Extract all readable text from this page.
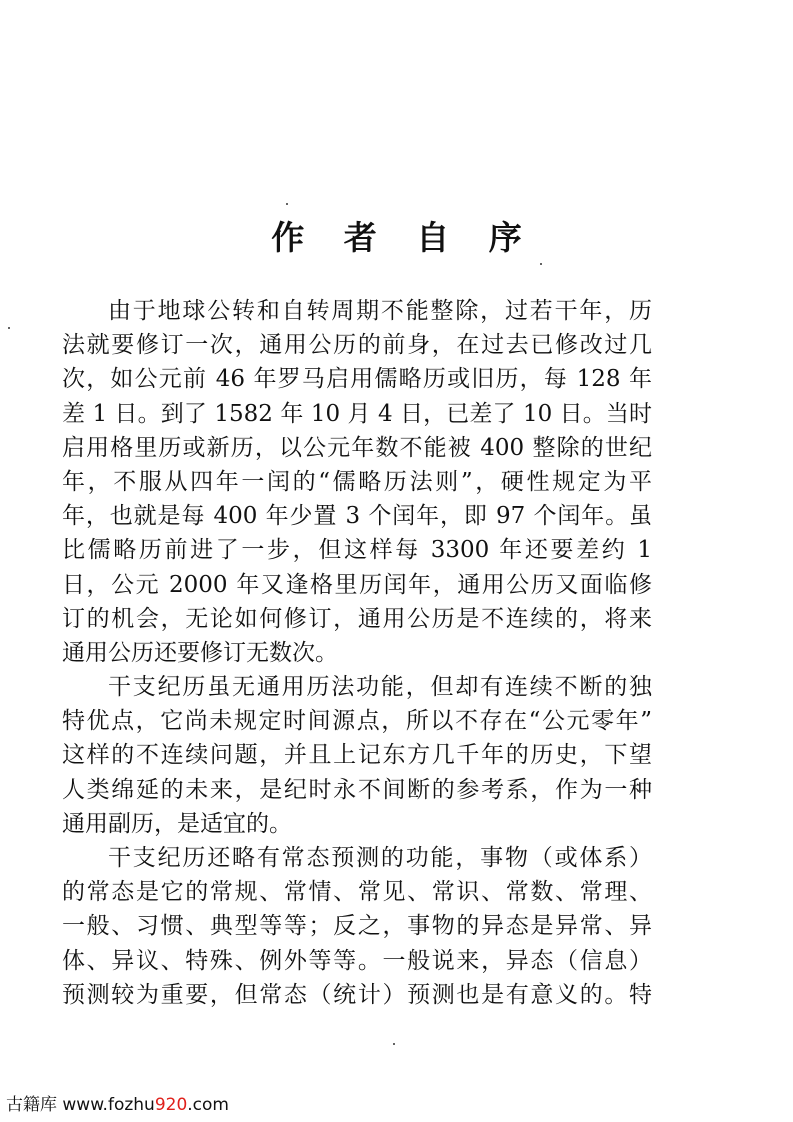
作 者 自 序
由于地球公转和自转周期不能整除，过若干年，历
法就要修订一次，通用公历的前身，在过去已修改过几
次，如公元前 46 年罗马启用儒略历或旧历，每 128 年
差 1 日。到了 1582 年 10 月 4 日，已差了 10 日。当时
启用格里历或新历，以公元年数不能被 400 整除的世纪
年，不服从四年一闰的“儒略历法则”，硬性规定为平
年，也就是每 400 年少置 3 个闰年，即 97 个闰年。虽
比儒略历前进了一步，但这样每 3300 年还要差约 1
日，公元 2000 年又逢格里历闰年，通用公历又面临修
订的机会，无论如何修订，通用公历是不连续的，将来
通用公历还要修订无数次。
干支纪历虽无通用历法功能，但却有连续不断的独
特优点，它尚未规定时间源点，所以不存在“公元零年”
这样的不连续问题，并且上记东方几千年的历史，下望
人类绵延的未来，是纪时永不间断的参考系，作为一种
通用副历，是适宜的。
干支纪历还略有常态预测的功能，事物（或体系）
的常态是它的常规、常情、常见、常识、常数、常理、
一般、习惯、典型等等；反之，事物的异态是异常、异
体、异议、特殊、例外等等。一般说来，异态（信息）
预测较为重要，但常态（统计）预测也是有意义的。特
古籍库 www.fozhu920.com
